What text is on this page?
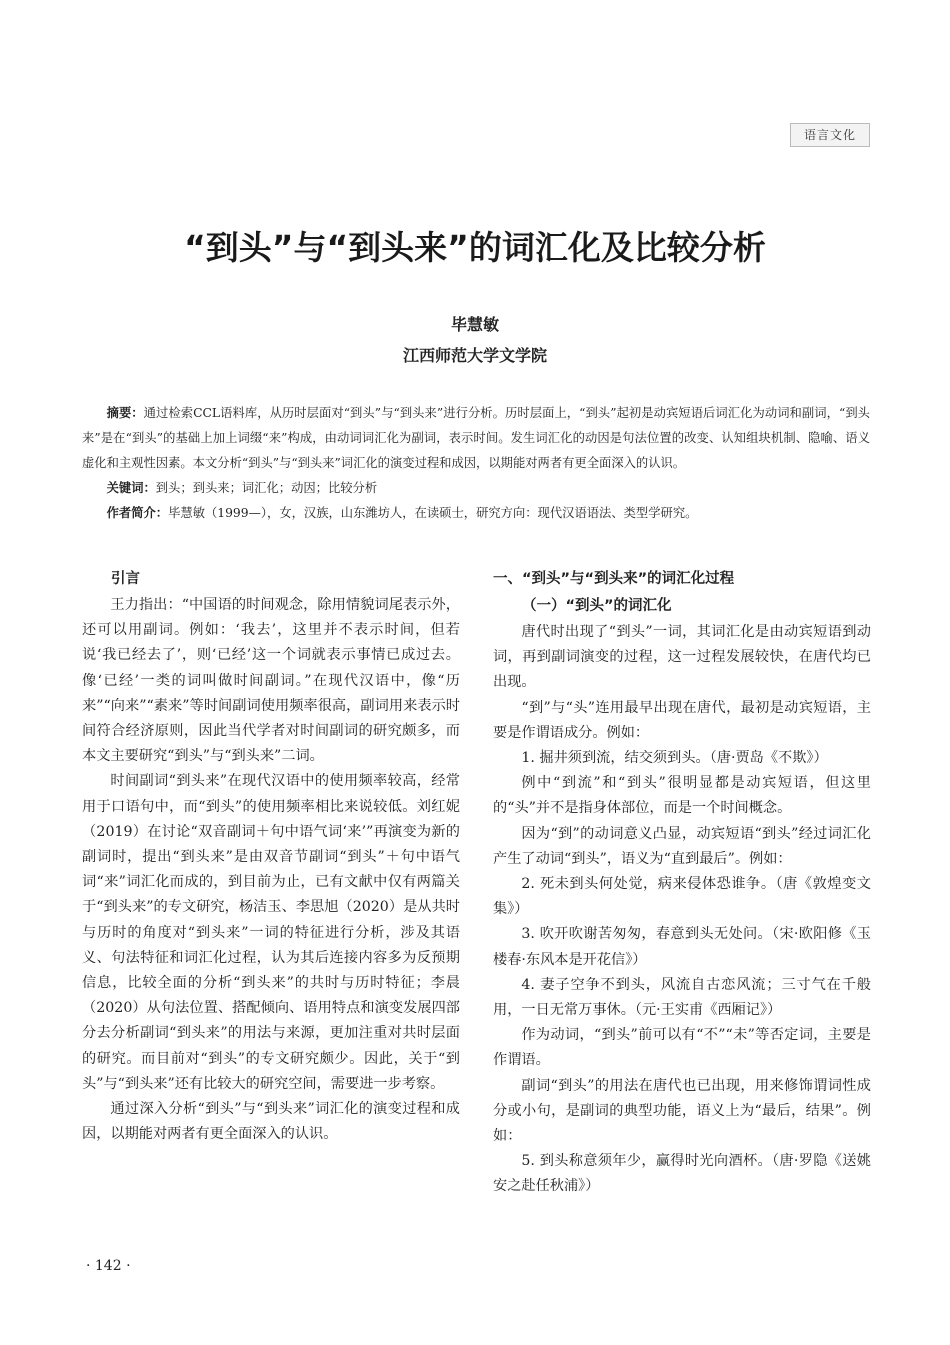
语言文化
“到头”与“到头来”的词汇化及比较分析
毕慧敏
江西师范大学文学院

摘要：通过检索CCL语料库，从历时层面对“到头”与“到头来”进行分析。历时层面上，“到头”起初是动宾短语后词汇化为动词和副词，“到头来”是在“到头”的基础上加上词缀“来”构成，由动词词汇化为副词，表示时间。发生词汇化的动因是句法位置的改变、认知组块机制、隐喻、语义虚化和主观性因素。本文分析“到头”与“到头来”词汇化的演变过程和成因，以期能对两者有更全面深入的认识。

关键词：到头；到头来；词汇化；动因；比较分析

作者简介：毕慧敏（1999—），女，汉族，山东潍坊人，在读硕士，研究方向：现代汉语语法、类型学研究。

引言

王力指出：“中国语的时间观念，除用情貌词尾表示外，还可以用副词。例如：‘我去’，这里并不表示时间，但若说‘我已经去了’，则‘已经’这一个词就表示事情已成过去。像‘已经’一类的词叫做时间副词。”在现代汉语中，像“历来”“向来”“素来”等时间副词使用频率很高，副词用来表示时间符合经济原则，因此当代学者对时间副词的研究颇多，而本文主要研究“到头”与“到头来”二词。

时间副词“到头来”在现代汉语中的使用频率较高，经常用于口语句中，而“到头”的使用频率相比来说较低。刘红妮（2019）在讨论“双音副词＋句中语气词‘来’”再演变为新的副词时，提出“到头来”是由双音节副词“到头”＋句中语气词“来”词汇化而成的，到目前为止，已有文献中仅有两篇关于“到头来”的专文研究，杨洁玉、李思旭（2020）是从共时与历时的角度对“到头来”一词的特征进行分析，涉及其语义、句法特征和词汇化过程，认为其后连接内容多为反预期信息，比较全面的分析“到头来”的共时与历时特征；李晨（2020）从句法位置、搭配倾向、语用特点和演变发展四部分去分析副词“到头来”的用法与来源，更加注重对共时层面的研究。而目前对“到头”的专文研究颇少。因此，关于“到头”与“到头来”还有比较大的研究空间，需要进一步考察。

通过深入分析“到头”与“到头来”词汇化的演变过程和成因，以期能对两者有更全面深入的认识。

一、“到头”与“到头来”的词汇化过程
（一）“到头”的词汇化

唐代时出现了“到头”一词，其词汇化是由动宾短语到动词，再到副词演变的过程，这一过程发展较快，在唐代均已出现。

“到”与“头”连用最早出现在唐代，最初是动宾短语，主要是作谓语成分。例如：

1. 掘井须到流，结交须到头。（唐·贾岛《不欺》）

例中“到流”和“到头”很明显都是动宾短语，但这里的“头”并不是指身体部位，而是一个时间概念。

因为“到”的动词意义凸显，动宾短语“到头”经过词汇化产生了动词“到头”，语义为“直到最后”。例如：

2. 死未到头何处觉，病来侵体恐谁争。（唐《敦煌变文集》）

3. 吹开吹谢苦匆匆，春意到头无处问。（宋·欧阳修《玉楼春·东风本是开花信》）

4. 妻子空争不到头，风流自古恋风流；三寸气在千般用，一日无常万事休。（元·王实甫《西厢记》）

作为动词，“到头”前可以有“不”“未”等否定词，主要是作谓语。

副词“到头”的用法在唐代也已出现，用来修饰谓词性成分或小句，是副词的典型功能，语义上为“最后，结果”。例如：

5. 到头称意须年少，赢得时光向酒杯。（唐·罗隐《送姚安之赴任秋浦》）

· 142 ·
